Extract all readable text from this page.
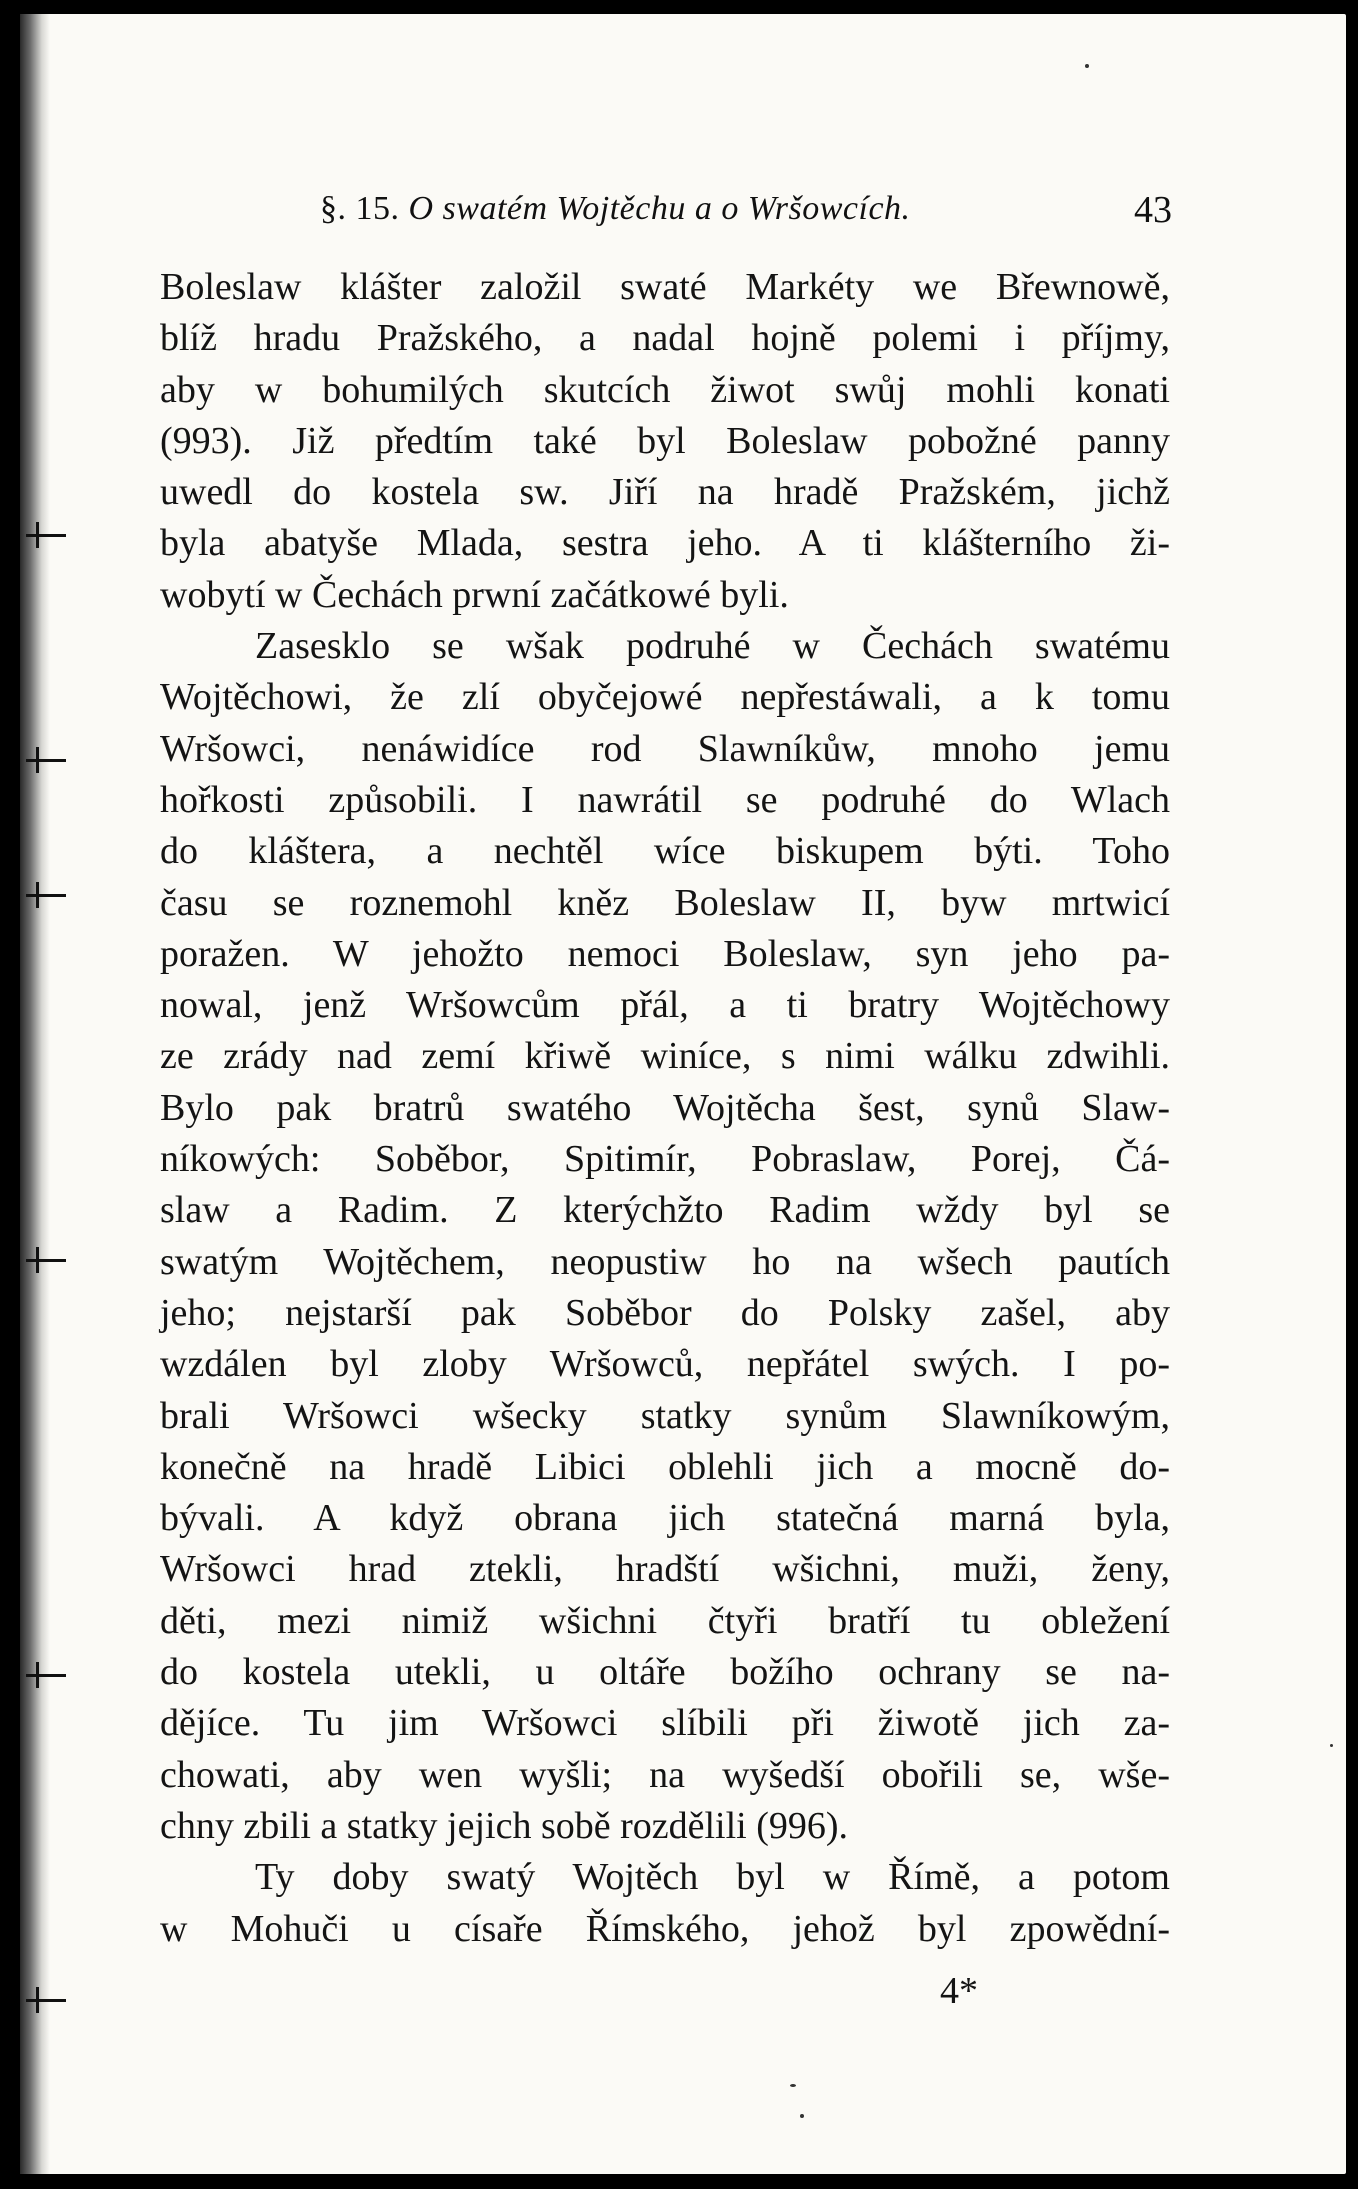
§. 15. O swatém Wojtěchu a o Wršowcích.	43
Boleslaw klášter založil swaté Markéty we Břewnowě,
blíž hradu Pražského, a nadal hojně polemi i příjmy,
aby w bohumilých skutcích žiwot swůj mohli konati
(993). Již předtím také byl Boleslaw pobožné panny
uwedl do kostela sw. Jiří na hradě Pražském, jichž
byla abatyše Mlada, sestra jeho. A ti klášterního ži-
wobytí w Čechách prwní začátkowé byli.
Zasesklo se wšak podruhé w Čechách swatému
Wojtěchowi, že zlí obyčejowé nepřestáwali, a k tomu
Wršowci, nenáwidíce rod Slawníkůw, mnoho jemu
hořkosti způsobili. I nawrátil se podruhé do Wlach
do kláštera, a nechtěl wíce biskupem býti. Toho
času se roznemohl kněz Boleslaw II, byw mrtwicí
poražen. W jehožto nemoci Boleslaw, syn jeho pa-
nowal, jenž Wršowcům přál, a ti bratry Wojtěchowy
ze zrády nad zemí křiwě winíce, s nimi wálku zdwihli.
Bylo pak bratrů swatého Wojtěcha šest, synů Slaw-
níkowých: Soběbor, Spitimír, Pobraslaw, Porej, Čá-
slaw a Radim. Z kterýchžto Radim wždy byl se
swatým Wojtěchem, neopustiw ho na wšech pautích
jeho; nejstarší pak Soběbor do Polsky zašel, aby
wzdálen byl zloby Wršowců, nepřátel swých. I po-
brali Wršowci wšecky statky synům Slawníkowým,
konečně na hradě Libici oblehli jich a mocně do-
bývali. A když obrana jich statečná marná byla,
Wršowci hrad ztekli, hradští wšichni, muži, ženy,
děti, mezi nimiž wšichni čtyři bratří tu obležení
do kostela utekli, u oltáře božího ochrany se na-
dějíce. Tu jim Wršowci slíbili při žiwotě jich za-
chowati, aby wen wyšli; na wyšedší obořili se, wše-
chny zbili a statky jejich sobě rozdělili (996).
Ty doby swatý Wojtěch byl w Římě, a potom
w Mohuči u císaře Římského, jehož byl zpowědní-
4*
